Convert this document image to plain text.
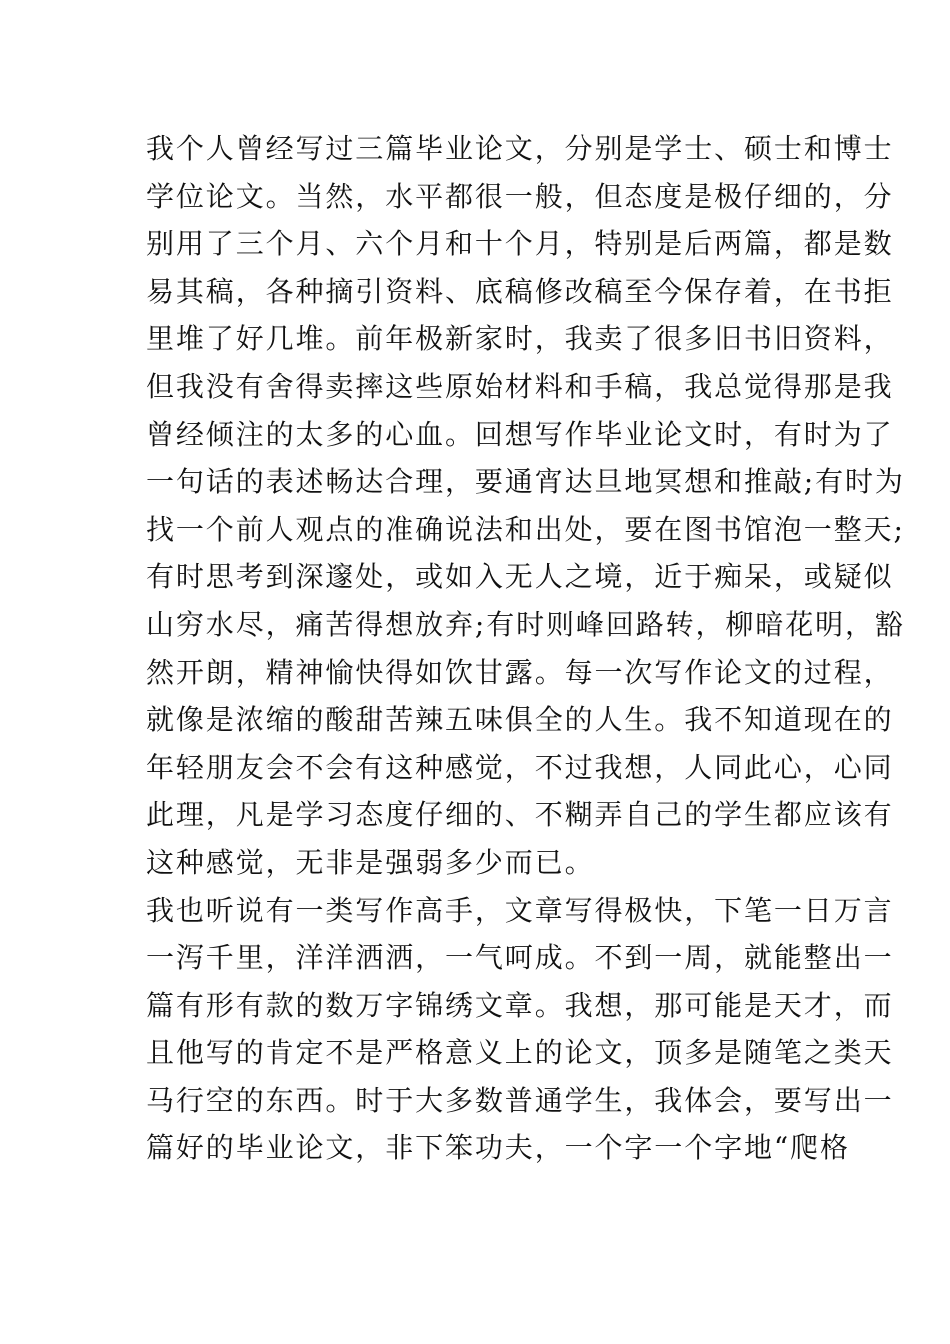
我个人曾经写过三篇毕业论文，分别是学士、硕士和博士
学位论文。当然，水平都很一般，但态度是极仔细的，分
别用了三个月、六个月和十个月，特别是后两篇，都是数
易其稿，各种摘引资料、底稿修改稿至今保存着，在书拒
里堆了好几堆。前年极新家时，我卖了很多旧书旧资料，
但我没有舍得卖摔这些原始材料和手稿，我总觉得那是我
曾经倾注的太多的心血。回想写作毕业论文时，有时为了
一句话的表述畅达合理，要通宵达旦地冥想和推敲;有时为
找一个前人观点的准确说法和出处，要在图书馆泡一整天;
有时思考到深邃处，或如入无人之境，近于痴呆，或疑似
山穷水尽，痛苦得想放弃;有时则峰回路转，柳暗花明，豁
然开朗，精神愉快得如饮甘露。每一次写作论文的过程，
就像是浓缩的酸甜苦辣五味俱全的人生。我不知道现在的
年轻朋友会不会有这种感觉，不过我想，人同此心，心同
此理，凡是学习态度仔细的、不糊弄自己的学生都应该有
这种感觉，无非是强弱多少而已。
我也听说有一类写作高手，文章写得极快，下笔一日万言
一泻千里，洋洋洒洒，一气呵成。不到一周，就能整出一
篇有形有款的数万字锦绣文章。我想，那可能是天才，而
且他写的肯定不是严格意义上的论文，顶多是随笔之类天
马行空的东西。时于大多数普通学生，我体会，要写出一
篇好的毕业论文，非下笨功夫，一个字一个字地“爬格
